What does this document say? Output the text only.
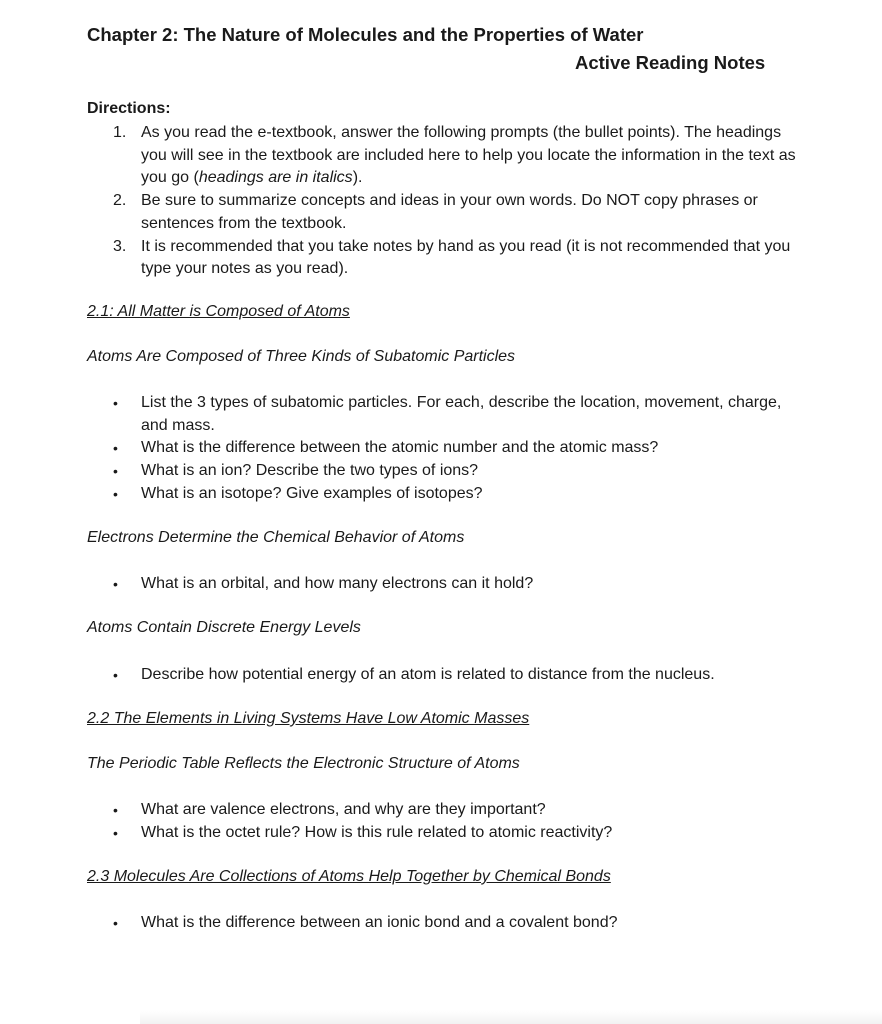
Chapter 2: The Nature of Molecules and the Properties of Water
Active Reading Notes
Directions:
1. As you read the e-textbook, answer the following prompts (the bullet points). The headings you will see in the textbook are included here to help you locate the information in the text as you go (headings are in italics).
2. Be sure to summarize concepts and ideas in your own words. Do NOT copy phrases or sentences from the textbook.
3. It is recommended that you take notes by hand as you read (it is not recommended that you type your notes as you read).
2.1: All Matter is Composed of Atoms
Atoms Are Composed of Three Kinds of Subatomic Particles
•	List the 3 types of subatomic particles. For each, describe the location, movement, charge, and mass.
•	What is the difference between the atomic number and the atomic mass?
•	What is an ion? Describe the two types of ions?
•	What is an isotope? Give examples of isotopes?
Electrons Determine the Chemical Behavior of Atoms
•	What is an orbital, and how many electrons can it hold?
Atoms Contain Discrete Energy Levels
•	Describe how potential energy of an atom is related to distance from the nucleus.
2.2 The Elements in Living Systems Have Low Atomic Masses
The Periodic Table Reflects the Electronic Structure of Atoms
•	What are valence electrons, and why are they important?
•	What is the octet rule? How is this rule related to atomic reactivity?
2.3 Molecules Are Collections of Atoms Help Together by Chemical Bonds
•	What is the difference between an ionic bond and a covalent bond?
